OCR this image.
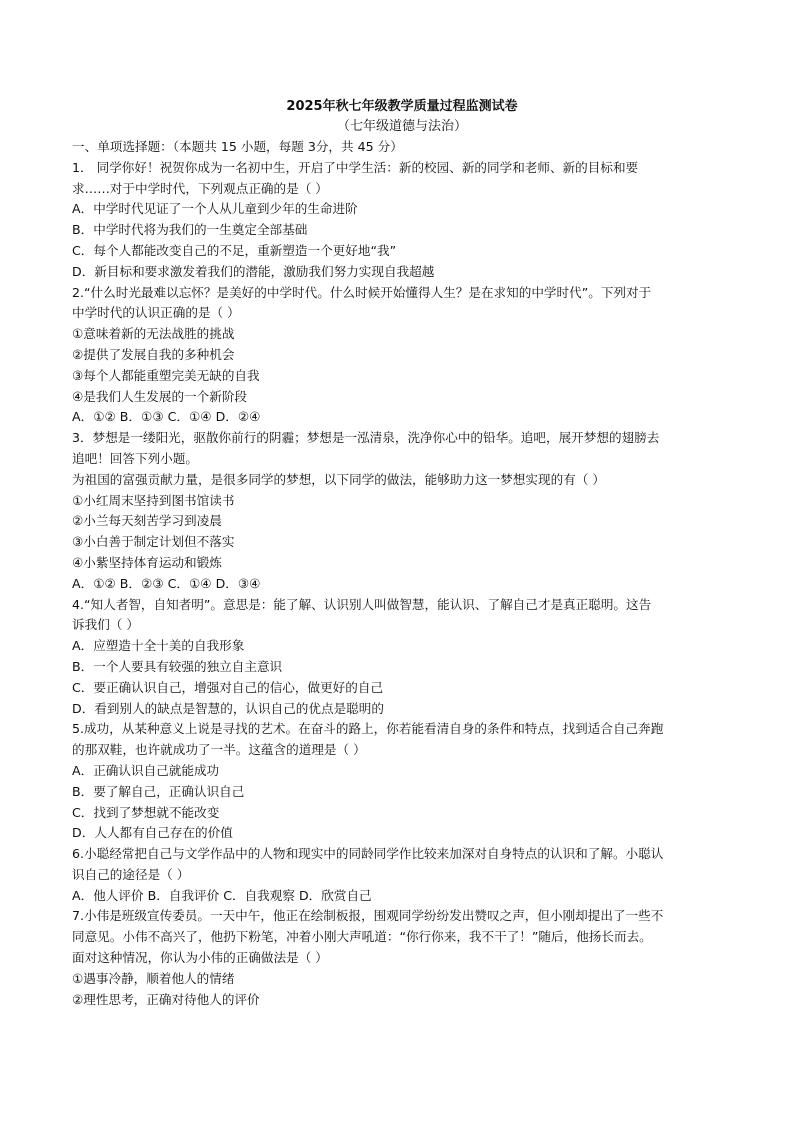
2025年秋七年级教学质量过程监测试卷
（七年级道德与法治）
一、单项选择题：（本题共 15 小题，每题 3分，共 45 分）
1． 同学你好！祝贺你成为一名初中生，开启了中学生活：新的校园、新的同学和老师、新的目标和要
求……对于中学时代，下列观点正确的是（ ）
A．中学时代见证了一个人从儿童到少年的生命进阶
B．中学时代将为我们的一生奠定全部基础
C．每个人都能改变自己的不足，重新塑造一个更好地“我”
D．新目标和要求激发着我们的潜能，激励我们努力实现自我超越
2.“什么时光最难以忘怀？是美好的中学时代。什么时候开始懂得人生？是在求知的中学时代”。下列对于
中学时代的认识正确的是（ ）
①意味着新的无法战胜的挑战
②提供了发展自我的多种机会
③每个人都能重塑完美无缺的自我
④是我们人生发展的一个新阶段
A．①② B．①③ C．①④ D．②④
3．梦想是一缕阳光，驱散你前行的阴霾；梦想是一泓清泉，洗净你心中的铅华。追吧，展开梦想的翅膀去
追吧！回答下列小题。
为祖国的富强贡献力量，是很多同学的梦想，以下同学的做法，能够助力这一梦想实现的有（ ）
①小红周末坚持到图书馆读书
②小兰每天刻苦学习到凌晨
③小白善于制定计划但不落实
④小紫坚持体育运动和锻炼
A．①② B．②③ C．①④ D．③④
4.“知人者智，自知者明”。意思是：能了解、认识别人叫做智慧，能认识、了解自己才是真正聪明。这告
诉我们（ ）
A．应塑造十全十美的自我形象
B．一个人要具有较强的独立自主意识
C．要正确认识自己，增强对自己的信心，做更好的自己
D．看到别人的缺点是智慧的，认识自己的优点是聪明的
5.成功，从某种意义上说是寻找的艺术。在奋斗的路上，你若能看清自身的条件和特点，找到适合自己奔跑
的那双鞋，也许就成功了一半。这蕴含的道理是（ ）
A．正确认识自己就能成功
B．要了解自己，正确认识自己
C．找到了梦想就不能改变
D．人人都有自己存在的价值
6.小聪经常把自己与文学作品中的人物和现实中的同龄同学作比较来加深对自身特点的认识和了解。小聪认
识自己的途径是（ ）
A．他人评价 B．自我评价 C．自我观察 D．欣赏自己
7.小伟是班级宣传委员。一天中午，他正在绘制板报，围观同学纷纷发出赞叹之声，但小刚却提出了一些不
同意见。小伟不高兴了，他扔下粉笔，冲着小刚大声吼道：“你行你来，我不干了！”随后，他扬长而去。
面对这种情况，你认为小伟的正确做法是（ ）
①遇事冷静，顺着他人的情绪
②理性思考，正确对待他人的评价
